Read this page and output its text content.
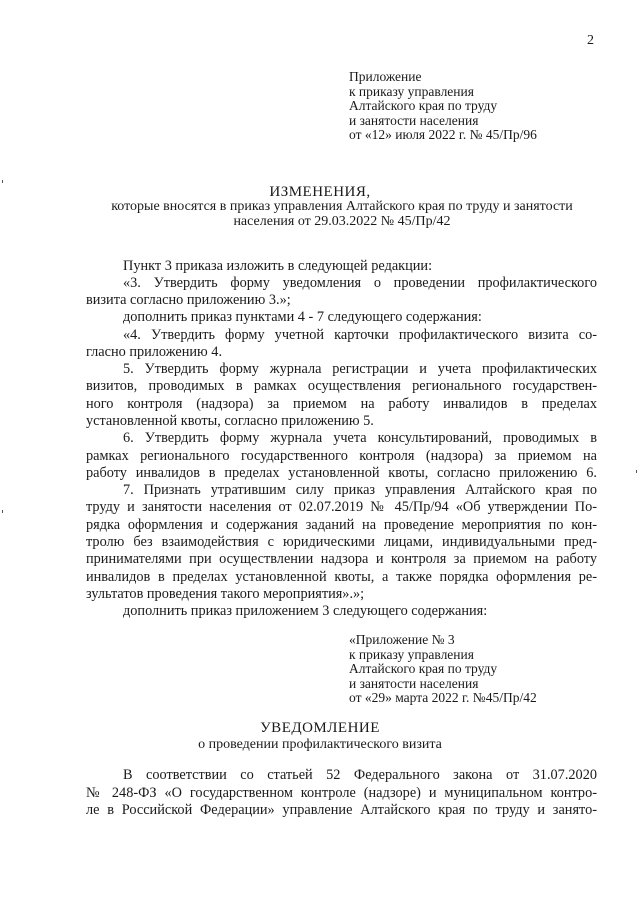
2
Приложение
к приказу управления
Алтайского края по труду
и занятости населения
от «12» июля 2022 г. № 45/Пр/96
ИЗМЕНЕНИЯ,
которые вносятся в приказ управления Алтайского края по труду и занятости
населения от 29.03.2022 № 45/Пр/42
Пункт 3 приказа изложить в следующей редакции:
«3. Утвердить форму уведомления о проведении профилактического
визита согласно приложению 3.»;
дополнить приказ пунктами 4 - 7 следующего содержания:
«4. Утвердить форму учетной карточки профилактического визита со-
гласно приложению 4.
5. Утвердить форму журнала регистрации и учета профилактических
визитов, проводимых в рамках осуществления регионального государствен-
ного контроля (надзора) за приемом на работу инвалидов в пределах
установленной квоты, согласно приложению 5.
6. Утвердить форму журнала учета консультирований, проводимых в
рамках регионального государственного контроля (надзора) за приемом на
работу инвалидов в пределах установленной квоты, согласно приложению 6.
7. Признать утратившим силу приказ управления Алтайского края по
труду и занятости населения от 02.07.2019 № 45/Пр/94 «Об утверждении По-
рядка оформления и содержания заданий на проведение мероприятия по кон-
тролю без взаимодействия с юридическими лицами, индивидуальными пред-
принимателями при осуществлении надзора и контроля за приемом на работу
инвалидов в пределах установленной квоты, а также порядка оформления ре-
зультатов проведения такого мероприятия».»;
дополнить приказ приложением 3 следующего содержания:
«Приложение № 3
к приказу управления
Алтайского края по труду
и занятости населения
от «29» марта 2022 г. №45/Пр/42
УВЕДОМЛЕНИЕ
о проведении профилактического визита
В соответствии со статьей 52 Федерального закона от 31.07.2020
№ 248-ФЗ «О государственном контроле (надзоре) и муниципальном контро-
ле в Российской Федерации» управление Алтайского края по труду и занято-
